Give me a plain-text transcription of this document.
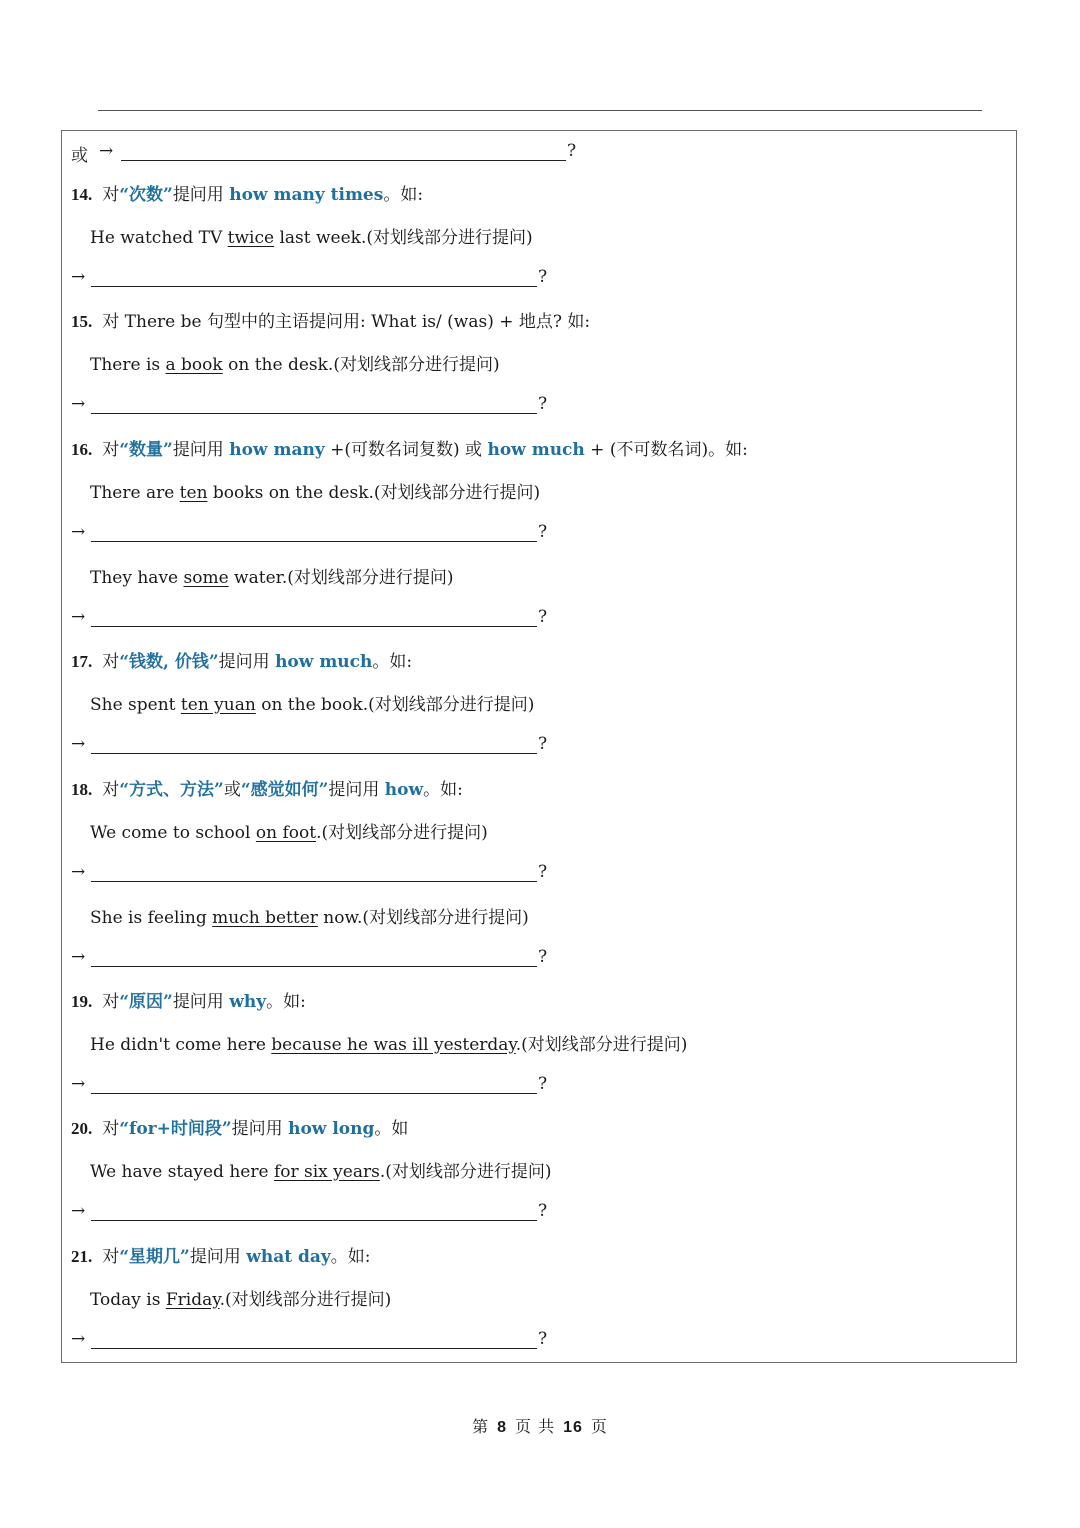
或 →	?
14. 对“次数”提问用 how many times。如:
He watched TV twice last week.(对划线部分进行提问)
→	?
15. 对 There be 句型中的主语提问用: What is/ (was) + 地点? 如:
There is a book on the desk.(对划线部分进行提问)
→	?
16. 对“数量”提问用 how many +(可数名词复数) 或 how much + (不可数名词)。如:
There are ten books on the desk.(对划线部分进行提问)
→	?
They have some water.(对划线部分进行提问)
→	?
17. 对“钱数, 价钱”提问用 how much。如:
She spent ten yuan on the book.(对划线部分进行提问)
→	?
18. 对“方式、方法”或“感觉如何”提问用 how。如:
We come to school on foot.(对划线部分进行提问)
→	?
She is feeling much better now.(对划线部分进行提问)
→	?
19. 对“原因”提问用 why。如:
He didn't come here because he was ill yesterday.(对划线部分进行提问)
→	?
20. 对“for+时间段”提问用 how long。如
We have stayed here for six years.(对划线部分进行提问)
→	?
21. 对“星期几”提问用 what day。如:
Today is Friday.(对划线部分进行提问)
→	?
第 8 页 共 16 页
